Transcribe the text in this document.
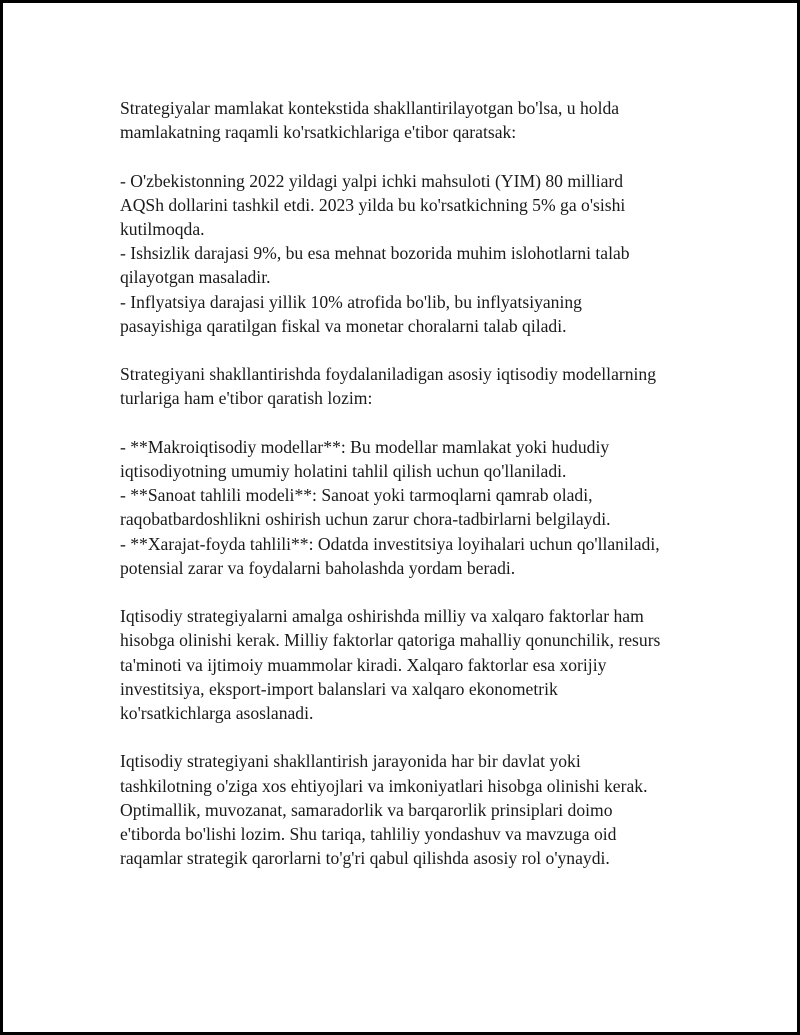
Strategiyalar mamlakat kontekstida shakllantirilayotgan bo'lsa, u holda
mamlakatning raqamli ko'rsatkichlariga e'tibor qaratsak:

- O'zbekistonning 2022 yildagi yalpi ichki mahsuloti (YIM) 80 milliard
AQSh dollarini tashkil etdi. 2023 yilda bu ko'rsatkichning 5% ga o'sishi
kutilmoqda.
- Ishsizlik darajasi 9%, bu esa mehnat bozorida muhim islohotlarni talab
qilayotgan masaladir.
- Inflyatsiya darajasi yillik 10% atrofida bo'lib, bu inflyatsiyaning
pasayishiga qaratilgan fiskal va monetar choralarni talab qiladi.

Strategiyani shakllantirishda foydalaniladigan asosiy iqtisodiy modellarning
turlariga ham e'tibor qaratish lozim:

- **Makroiqtisodiy modellar**: Bu modellar mamlakat yoki hududiy
iqtisodiyotning umumiy holatini tahlil qilish uchun qo'llaniladi.
- **Sanoat tahlili modeli**: Sanoat yoki tarmoqlarni qamrab oladi,
raqobatbardoshlikni oshirish uchun zarur chora-tadbirlarni belgilaydi.
- **Xarajat-foyda tahlili**: Odatda investitsiya loyihalari uchun qo'llaniladi,
potensial zarar va foydalarni baholashda yordam beradi.

Iqtisodiy strategiyalarni amalga oshirishda milliy va xalqaro faktorlar ham
hisobga olinishi kerak. Milliy faktorlar qatoriga mahalliy qonunchilik, resurs
ta'minoti va ijtimoiy muammolar kiradi. Xalqaro faktorlar esa xorijiy
investitsiya, eksport-import balanslari va xalqaro ekonometrik
ko'rsatkichlarga asoslanadi.

Iqtisodiy strategiyani shakllantirish jarayonida har bir davlat yoki
tashkilotning o'ziga xos ehtiyojlari va imkoniyatlari hisobga olinishi kerak.
Optimallik, muvozanat, samaradorlik va barqarorlik prinsiplari doimo
e'tiborda bo'lishi lozim. Shu tariqa, tahliliy yondashuv va mavzuga oid
raqamlar strategik qarorlarni to'g'ri qabul qilishda asosiy rol o'ynaydi.
